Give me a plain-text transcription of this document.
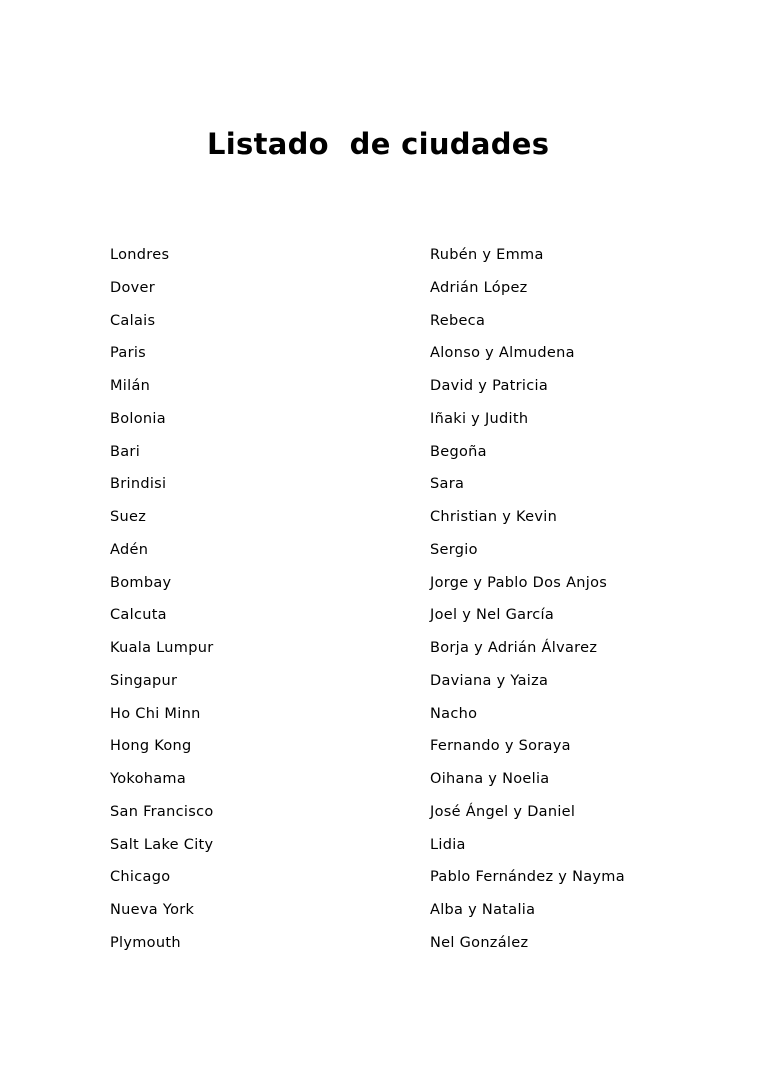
Listado  de ciudades
Londres	Rubén y Emma
Dover	Adrián López
Calais	Rebeca
Paris	Alonso y Almudena
Milán	David y Patricia
Bolonia	Iñaki y Judith
Bari	Begoña
Brindisi	Sara
Suez	Christian y Kevin
Adén	Sergio
Bombay	Jorge y Pablo Dos Anjos
Calcuta	Joel y Nel García
Kuala Lumpur	Borja y Adrián Álvarez
Singapur	Daviana y Yaiza
Ho Chi Minn	Nacho
Hong Kong	Fernando y Soraya
Yokohama	Oihana y Noelia
San Francisco	José Ángel y Daniel
Salt Lake City	Lidia
Chicago	Pablo Fernández y Nayma
Nueva York	Alba y Natalia
Plymouth	Nel González
